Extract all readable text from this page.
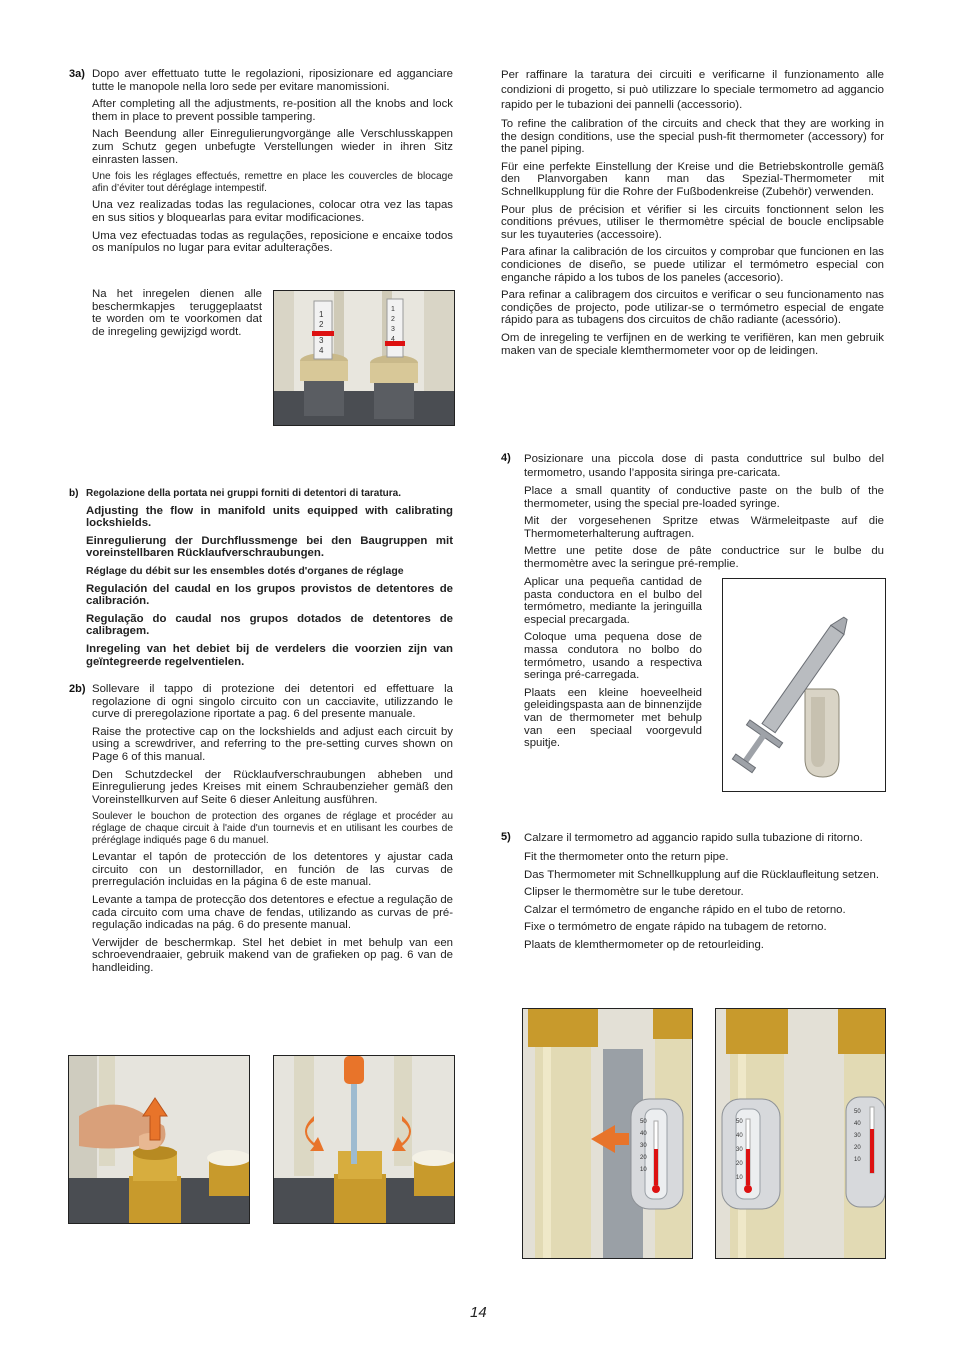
3a) Dopo aver effettuato tutte le regolazioni, riposizionare ed agganciare tutte le manopole nella loro sede per evitare manomissioni.

After completing all the adjustments, re-position all the knobs and lock them in place to prevent possible tampering.

Nach Beendung aller Einregulierungvorgänge alle Verschlusskappen zum Schutz gegen unbefugte Verstellungen wieder in ihren Sitz einrasten lassen.

Une fois les réglages effectués, remettre en place les couvercles de blocage afin d’éviter tout déréglage intempestif.

Una vez realizadas todas las regulaciones, colocar otra vez las tapas en sus sitios y bloquearlas para evitar modificaciones.

Uma vez efectuadas todas as regulações, reposicione e encaixe todos os manípulos no lugar para evitar adulterações.

Na het inregelen dienen alle beschermkapjes teruggeplaatst te worden om te voorkomen dat de inregeling gewijzigd wordt.

1
2
3
4
1
2
3
4
b) Regolazione della portata nei gruppi forniti di detentori di taratura.

Adjusting the flow in manifold units equipped with calibrating lockshields.

Einregulierung der Durchflussmenge bei den Baugruppen mit voreinstellbaren Rücklaufverschraubungen.

Réglage du débit sur les ensembles dotés d'organes de réglage

Regulación del caudal en los grupos provistos de detentores de calibración.

Regulação do caudal nos grupos dotados de detentores de calibragem.

Inregeling van het debiet bij de verdelers die voorzien zijn van geïntegreerde regelventielen.

2b) Sollevare il tappo di protezione dei detentori ed effettuare la regolazione di ogni singolo circuito con un cacciavite, utilizzando le curve di preregolazione riportate a pag. 6 del presente manuale.

Raise the protective cap on the lockshields and adjust each circuit by using a screwdriver, and referring to the pre-setting curves shown on Page 6 of this manual.

Den Schutzdeckel der Rücklaufverschraubungen abheben und Einregulierung jedes Kreises mit einem Schraubenzieher gemäß den Voreinstellkurven auf Seite 6 dieser Anleitung ausführen.

Soulever le bouchon de protection des organes de réglage et procéder au réglage de chaque circuit à l'aide d'un tournevis et en utilisant les courbes de préréglage indiqués page 6 du manuel.

Levantar el tapón de protección de los detentores y ajustar cada circuito con un destornillador, en función de las curvas de prerregulación incluidas en la página 6 de este manual.

Levante a tampa de protecção dos detentores e efectue a regulação de cada circuito com uma chave de fendas, utilizando as curvas de pré-regulação indicadas na pág. 6 do presente manual.

Verwijder de beschermkap. Stel het debiet in met behulp van een schroevendraaier, gebruik makend van de grafieken op pag. 6 van de handleiding.

Per raffinare la taratura dei circuiti e verificarne il funzionamento alle condizioni di progetto, si può utilizzare lo speciale termometro ad aggancio rapido per le tubazioni dei pannelli (accessorio).

To refine the calibration of the circuits and check that they are working in the design conditions, use the special push-fit thermometer (accessory) for the panel piping.

Für eine perfekte Einstellung der Kreise und die Betriebskontrolle gemäß den Planvorgaben kann man das Spezial-Thermometer mit Schnellkupplung für die Rohre der Fußbodenkreise (Zubehör) verwenden.

Pour plus de précision et vérifier si les circuits fonctionnent selon les conditions prévues, utiliser le thermomètre spécial de boucle enclipsable sur les tuyauteries (accessoire).

Para afinar la calibración de los circuitos y comprobar que funcionen en las condiciones de diseño, se puede utilizar el termómetro especial con enganche rápido a los tubos de los paneles (accesorio).

Para refinar a calibragem dos circuitos e verificar o seu funcionamento nas condições de projecto, pode utilizar-se o termómetro especial de engate rápido para as tubagens dos circuitos de chão radiante (acessório).

Om de inregeling te verfijnen en de werking te verifiëren, kan men gebruik maken van de speciale klemthermometer voor op de leidingen.

4) Posizionare una piccola dose di pasta conduttrice sul bulbo del termometro, usando l’apposita siringa pre-caricata.

Place a small quantity of conductive paste on the bulb of the thermometer, using the special pre-loaded syringe.

Mit der vorgesehenen Spritze etwas Wärmeleitpaste auf die Thermometerhalterung auftragen.

Mettre une petite dose de pâte conductrice sur le bulbe du thermomètre avec la seringue pré-remplie.

Aplicar una pequeña cantidad de pasta conductora en el bulbo del termómetro, mediante la jeringuilla especial precargada.

Coloque uma pequena dose de massa condutora no bolbo do termómetro, usando a respectiva seringa pré-carregada.

Plaats een kleine hoeveelheid geleidingspasta aan de binnenzijde van de thermometer met behulp van een speciaal voorgevuld spuitje.

5) Calzare il termometro ad aggancio rapido sulla tubazione di ritorno.

Fit the thermometer onto the return pipe.

Das Thermometer mit Schnellkupplung auf die Rücklaufleitung setzen.

Clipser le thermomètre sur le tube deretour.

Calzar el termómetro de enganche rápido en el tubo de retorno.

Fixe o termómetro de engate rápido na tubagem de retorno.

Plaats de klemthermometer op de retourleiding.

50
40
30
20
10
50
40
30
20
10
50
40
30
20
10
14
